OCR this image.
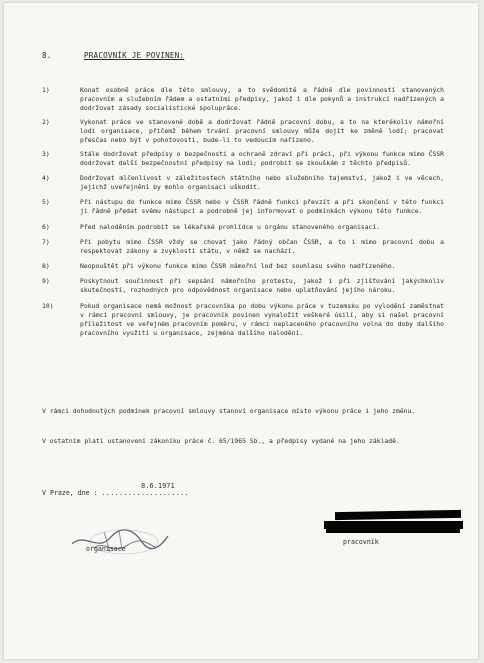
8.	PRACOVNÍK JE POVINEN:
1)	Konat osobně práce dle této smlouvy, a to svědomitě a řádně dle povinností stanovených pracovním a služebním řádem a ostatními předpisy, jakož i dle pokynů a instrukcí nadřízených a dodržovat zásady socialistické spolupráce.
2)	Vykonat práce ve stanovené době a dodržovat řádně pracovní dobu, a to na kterékoliv námořní lodi organisace, přičemž během trvání pracovní smlouvy může dojít ke změně lodí; pracovat přesčas nebo být v pohotovosti, bude-li to vedoucím nařízeno.
3)	Stále dodržovat předpisy o bezpečnosti a ochraně zdraví při práci, při výkonu funkce mimo ČSSR dodržovat další bezpečnostní předpisy na lodi; podrobit se zkouškám z těchto předpisů.
4)	Dodržovat mlčenlivost v záležitostech státního nebo služebního tajemství, jakož i ve věcech, jejichž uveřejnění by mohlo organisaci uškodit.
5)	Při nástupu do funkce mimo ČSSR nebo v ČSSR řádně funkci převzít a při skončení v této funkci ji řádně předat svému nástupci a podrobně jej informovat o podmínkách výkonu této funkce.
6)	Před naloděním podrobit se lékařské prohlídce u orgánu stanoveného organisací.
7)	Při pobytu mimo ČSSR vždy se chovat jako řádný občan ČSSR, a to i mimo pracovní dobu a respektovat zákony a zvyklosti státu, v němž se nachází.
8)	Neopouštět při výkonu funkce mimo ČSSR námořní loď bez souhlasu svého nadřízeného.
9)	Poskytnout součinnost při sepsání námořního protestu, jakož i při zjišťování jakýchkoliv skutečností, rozhodných pro odpovědnost organisace nebo uplatňování jejího nároku.
10)	Pokud organisace nemá možnost pracovníka po dobu výkonu práce v tuzemsku po vylodění zaměstnat v rámci pracovní smlouvy, je pracovník povinen vynaložit veškeré úsilí, aby si našel pracovní příležitost ve veřejném pracovním poměru, v rámci neplaceného pracovního volna do doby dalšího pracovního využití u organisace, zejména dalšího nalodění.
V rámci dohodnutých podmínek pracovní smlouvy stanoví organisace místo výkonu práce i jeho změnu.
V ostatním platí ustanovení zákoníku práce č. 65/1965 Sb., a předpisy vydané na jeho základě.
8.6.1971
V Praze, dne : ....................
organisace
pracovník
